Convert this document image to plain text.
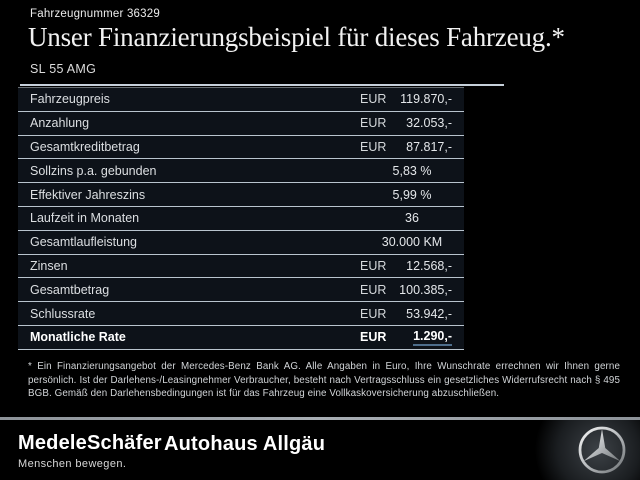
Fahrzeugnummer 36329
Unser Finanzierungsbeispiel für dieses Fahrzeug.*
SL 55 AMG
Fahrzeugpreis	EUR	119.870,-
Anzahlung	EUR	32.053,-
Gesamtkreditbetrag	EUR	87.817,-
Sollzins p.a. gebunden	5,83 %
Effektiver Jahreszins	5,99 %
Laufzeit in Monaten	36
Gesamtlaufleistung	30.000 KM
Zinsen	EUR	12.568,-
Gesamtbetrag	EUR	100.385,-
Schlussrate	EUR	53.942,-
Monatliche Rate	EUR	1.290,-
* Ein Finanzierungsangebot der Mercedes-Benz Bank AG. Alle Angaben in Euro, Ihre Wunschrate errechnen wir Ihnen gerne persönlich. Ist der Darlehens-/Leasingnehmer Verbraucher, besteht nach Vertragsschluss ein gesetzliches Widerrufsrecht nach § 495 BGB. Gemäß den Darlehensbedingungen ist für das Fahrzeug eine Vollkaskoversicherung abzuschließen.
MedeleSchäfer
Menschen bewegen.
Autohaus Allgäu
